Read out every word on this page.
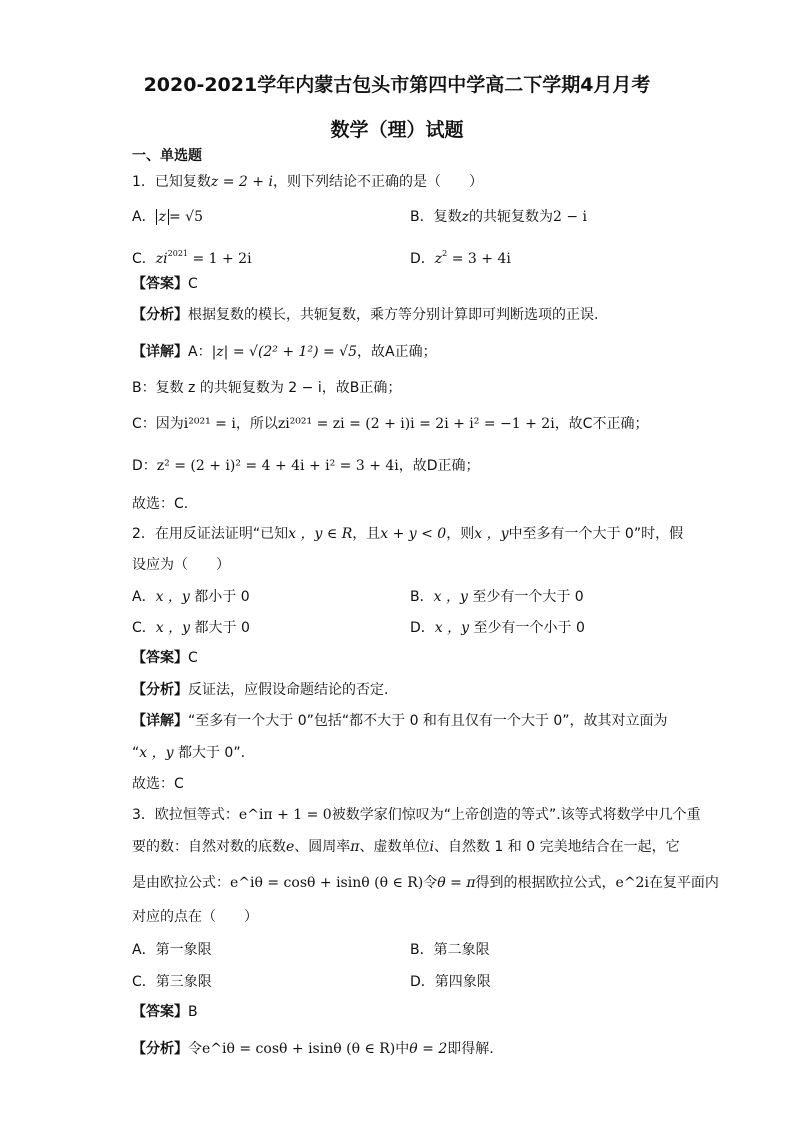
2020-2021学年内蒙古包头市第四中学高二下学期4月月考
数学（理）试题
一、单选题
1．已知复数z = 2 + i，则下列结论不正确的是（　　）
A． z = √5	B．复数z的共轭复数为2 − i
C．$zi^{2021} = 1 + 2i$	D．$z^2 = 3 + 4i$
【答案】C
【分析】根据复数的模长，共轭复数，乘方等分别计算即可判断选项的正误.
【详解】A：|z| = √(2² + 1²) = √5，故A正确；
B：复数 z 的共轭复数为 2 − i，故B正确；
C：因为i²⁰²¹ = i，所以zi²⁰²¹ = zi = (2 + i)i = 2i + i² = −1 + 2i，故C不正确；
D：z² = (2 + i)² = 4 + 4i + i² = 3 + 4i，故D正确；
故选：C.
2．在用反证法证明“已知x ，y ∈ R，且x + y < 0，则x ，y中至多有一个大于 0”时，假
设应为（　　）
A．x ，y 都小于 0	B．x ，y 至少有一个大于 0
C．x ，y 都大于 0	D．x ，y 至少有一个小于 0
【答案】C
【分析】反证法，应假设命题结论的否定.
【详解】“至多有一个大于 0”包括“都不大于 0 和有且仅有一个大于 0”，故其对立面为
“x ，y 都大于 0”.
故选：C
3．欧拉恒等式：e^iπ + 1 = 0被数学家们惊叹为“上帝创造的等式”.该等式将数学中几个重
要的数：自然对数的底数e、圆周率π、虚数单位i、自然数 1 和 0 完美地结合在一起，它
是由欧拉公式：e^iθ = cosθ + isinθ (θ ∈ R)令θ = π得到的根据欧拉公式，e^2i在复平面内
对应的点在（　　）
A．第一象限	B．第二象限
C．第三象限	D．第四象限
【答案】B
【分析】令e^iθ = cosθ + isinθ (θ ∈ R)中θ = 2即得解.
